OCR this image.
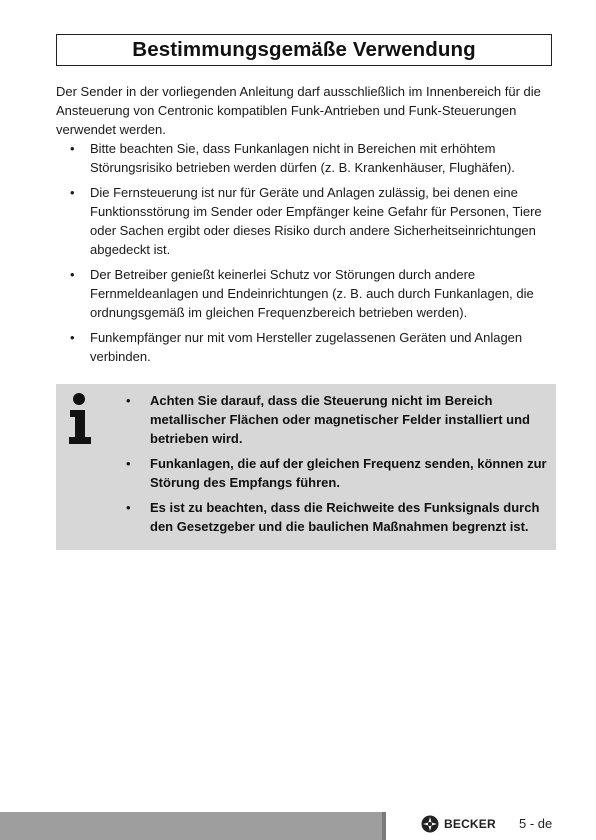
Bestimmungsgemäße Verwendung

Der Sender in der vorliegenden Anleitung darf ausschließlich im Innenbereich für die Ansteuerung von Centronic kompatiblen Funk-Antrieben und Funk-Steuerungen verwendet werden.

• Bitte beachten Sie, dass Funkanlagen nicht in Bereichen mit erhöhtem Störungsrisiko betrieben werden dürfen (z. B. Krankenhäuser, Flughäfen).
• Die Fernsteuerung ist nur für Geräte und Anlagen zulässig, bei denen eine Funktionsstörung im Sender oder Empfänger keine Gefahr für Personen, Tiere oder Sachen ergibt oder dieses Risiko durch andere Sicherheitseinrichtungen abgedeckt ist.
• Der Betreiber genießt keinerlei Schutz vor Störungen durch andere Fernmeldeanlagen und Endeinrichtungen (z. B. auch durch Funkanlagen, die ordnungsgemäß im gleichen Frequenzbereich betrieben werden).
• Funkempfänger nur mit vom Hersteller zugelassenen Geräten und Anlagen verbinden.
• Achten Sie darauf, dass die Steuerung nicht im Bereich metallischer Flächen oder magnetischer Felder installiert und betrieben wird.
• Funkanlagen, die auf der gleichen Frequenz senden, können zur Störung des Empfangs führen.
• Es ist zu beachten, dass die Reichweite des Funksignals durch den Gesetzgeber und die baulichen Maßnahmen begrenzt ist.
BECKER 5 - de
